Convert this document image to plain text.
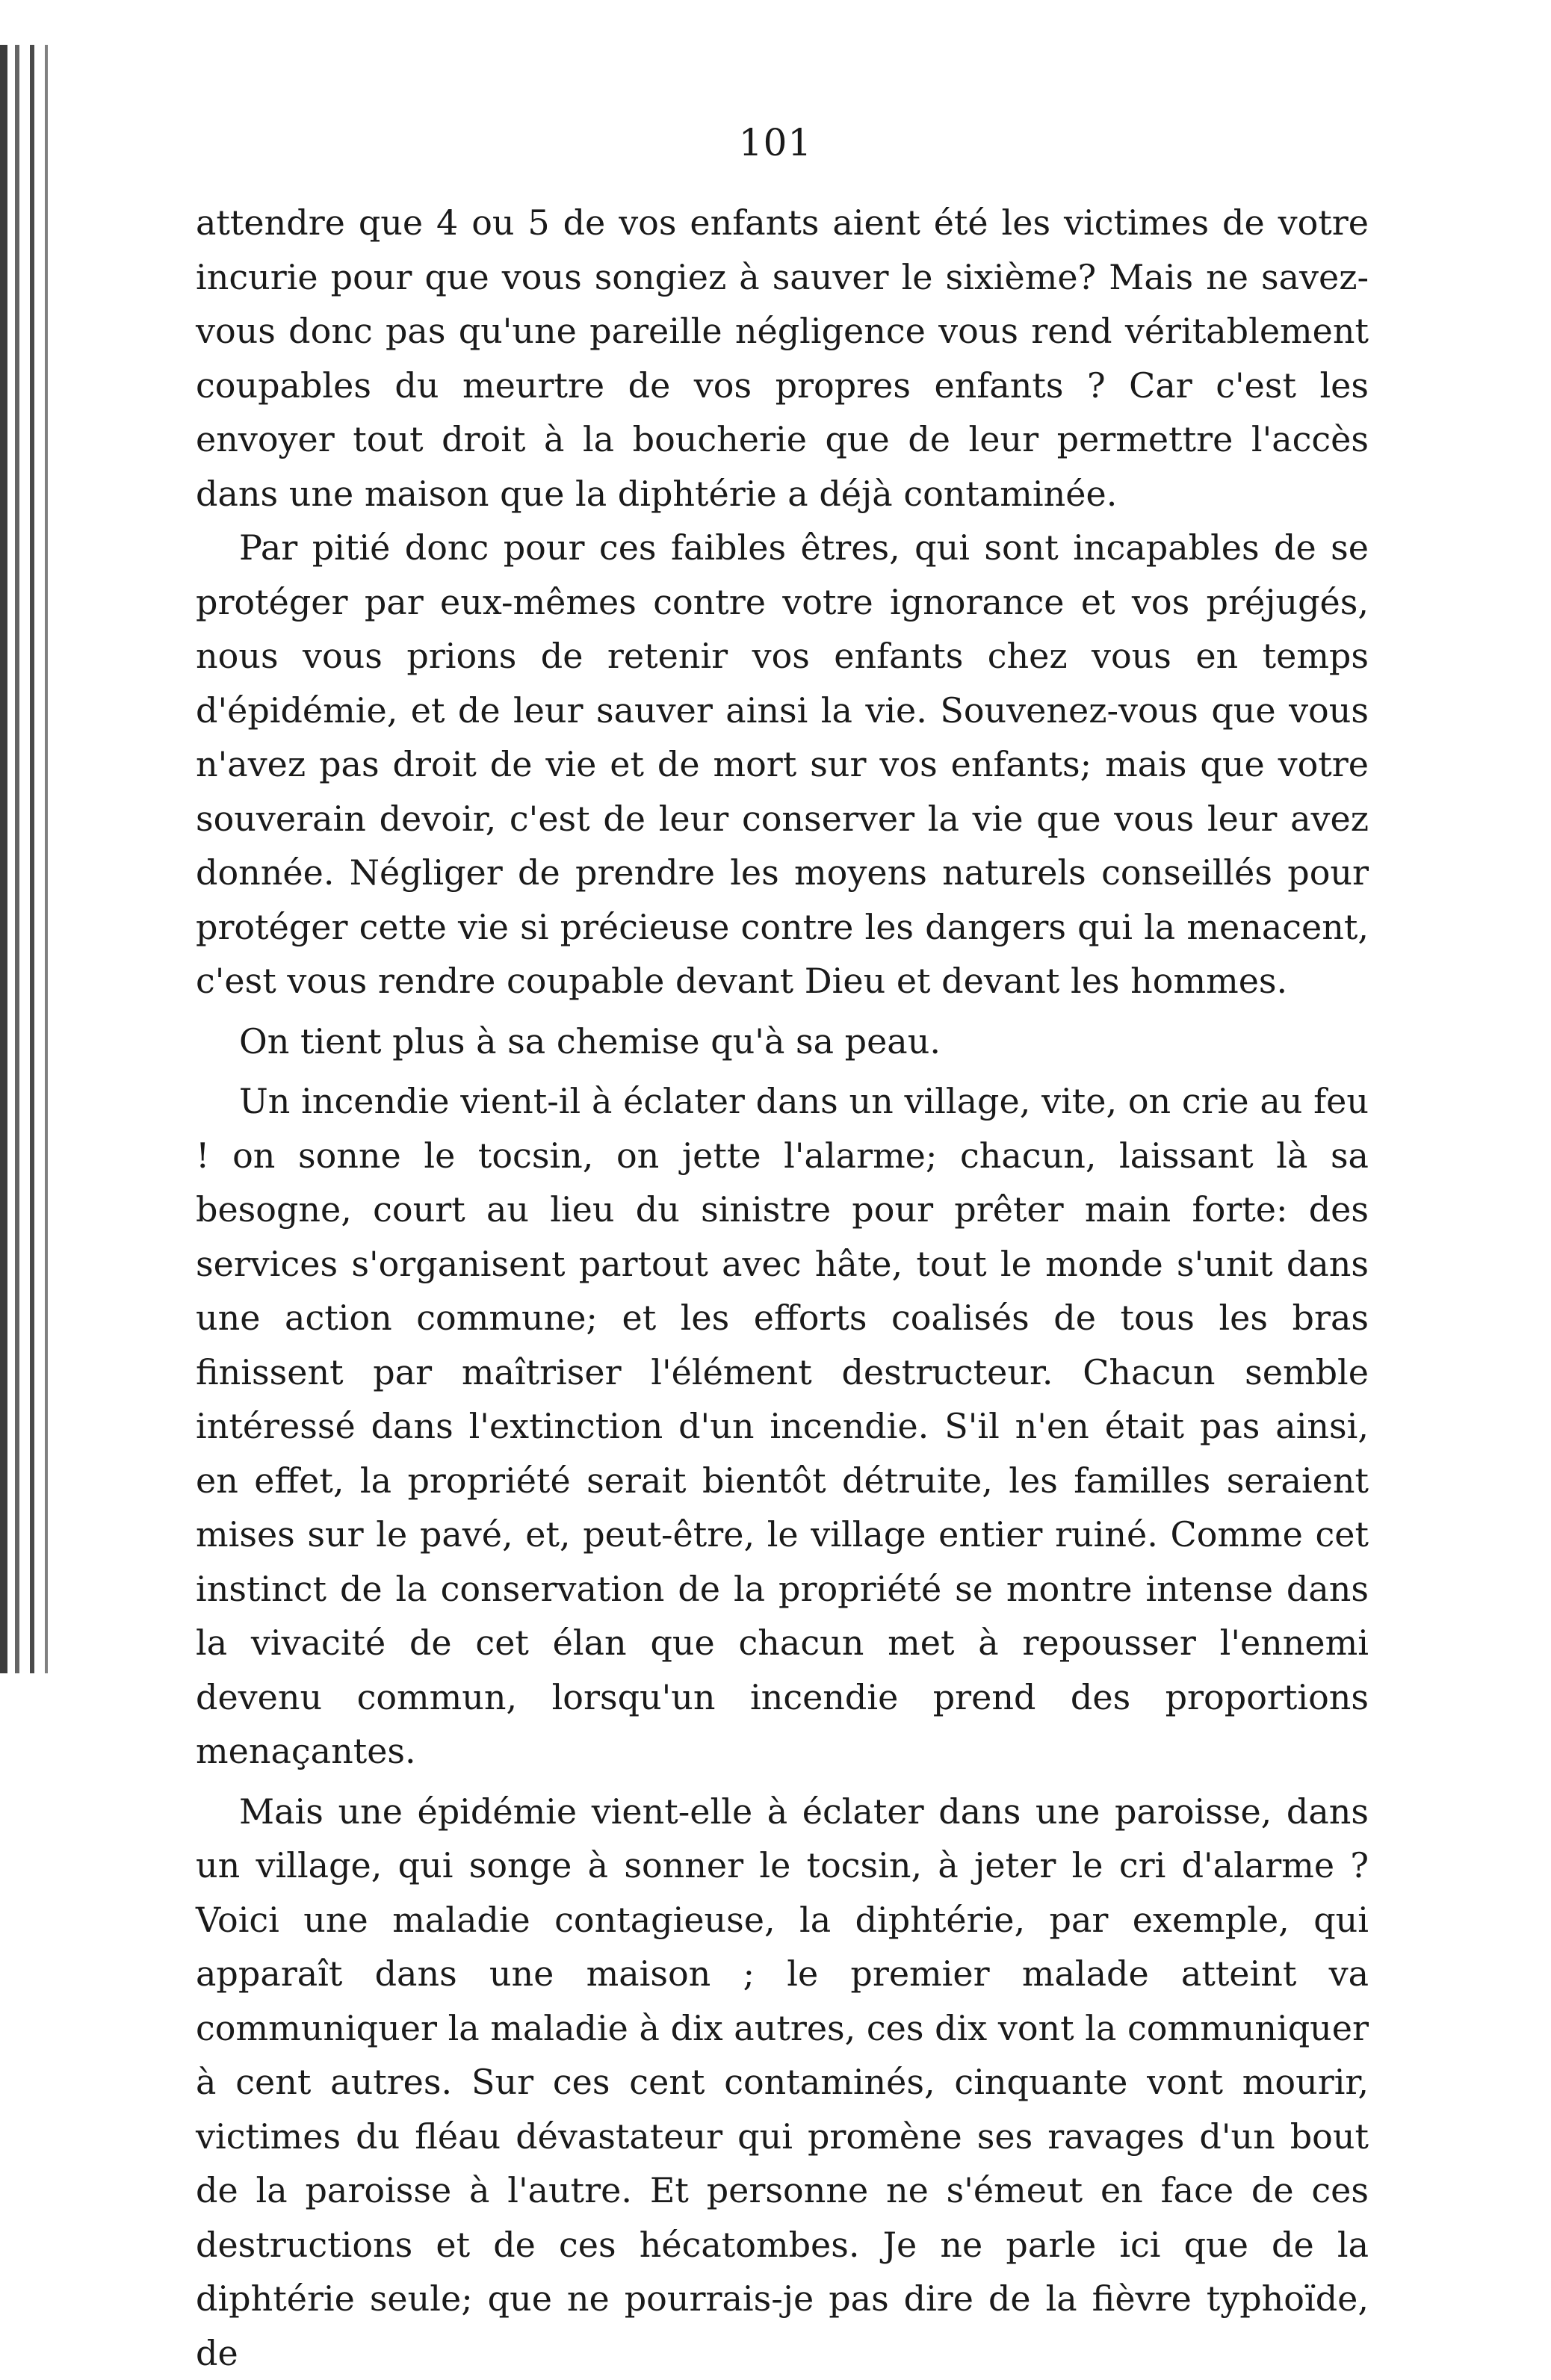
101

attendre que 4 ou 5 de vos enfants aient été les victimes de votre incurie pour que vous songiez à sauver le sixième? Mais ne savez-vous donc pas qu'une pareille négligence vous rend véritablement coupables du meurtre de vos propres enfants ? Car c'est les envoyer tout droit à la boucherie que de leur permettre l'accès dans une maison que la diphtérie a déjà contaminée.

Par pitié donc pour ces faibles êtres, qui sont incapables de se protéger par eux-mêmes contre votre ignorance et vos préjugés, nous vous prions de retenir vos enfants chez vous en temps d'épidémie, et de leur sauver ainsi la vie. Souvenez-vous que vous n'avez pas droit de vie et de mort sur vos enfants; mais que votre souverain devoir, c'est de leur conserver la vie que vous leur avez donnée. Négliger de prendre les moyens naturels conseillés pour protéger cette vie si précieuse contre les dangers qui la menacent, c'est vous rendre coupable devant Dieu et devant les hommes.

On tient plus à sa chemise qu'à sa peau.

Un incendie vient-il à éclater dans un village, vite, on crie au feu ! on sonne le tocsin, on jette l'alarme; chacun, laissant là sa besogne, court au lieu du sinistre pour prêter main forte: des services s'organisent partout avec hâte, tout le monde s'unit dans une action commune; et les efforts coalisés de tous les bras finissent par maîtriser l'élément destructeur. Chacun semble intéressé dans l'extinction d'un incendie. S'il n'en était pas ainsi, en effet, la propriété serait bientôt détruite, les familles seraient mises sur le pavé, et, peut-être, le village entier ruiné. Comme cet instinct de la conservation de la propriété se montre intense dans la vivacité de cet élan que chacun met à repousser l'ennemi devenu commun, lorsqu'un incendie prend des proportions menaçantes.

Mais une épidémie vient-elle à éclater dans une paroisse, dans un village, qui songe à sonner le tocsin, à jeter le cri d'alarme ? Voici une maladie contagieuse, la diphtérie, par exemple, qui apparaît dans une maison ; le premier malade atteint va communiquer la maladie à dix autres, ces dix vont la communiquer à cent autres. Sur ces cent contaminés, cinquante vont mourir, victimes du fléau dévastateur qui promène ses ravages d'un bout de la paroisse à l'autre. Et personne ne s'émeut en face de ces destructions et de ces hécatombes. Je ne parle ici que de la diphtérie seule; que ne pourrais-je pas dire de la fièvre typhoïde, de
